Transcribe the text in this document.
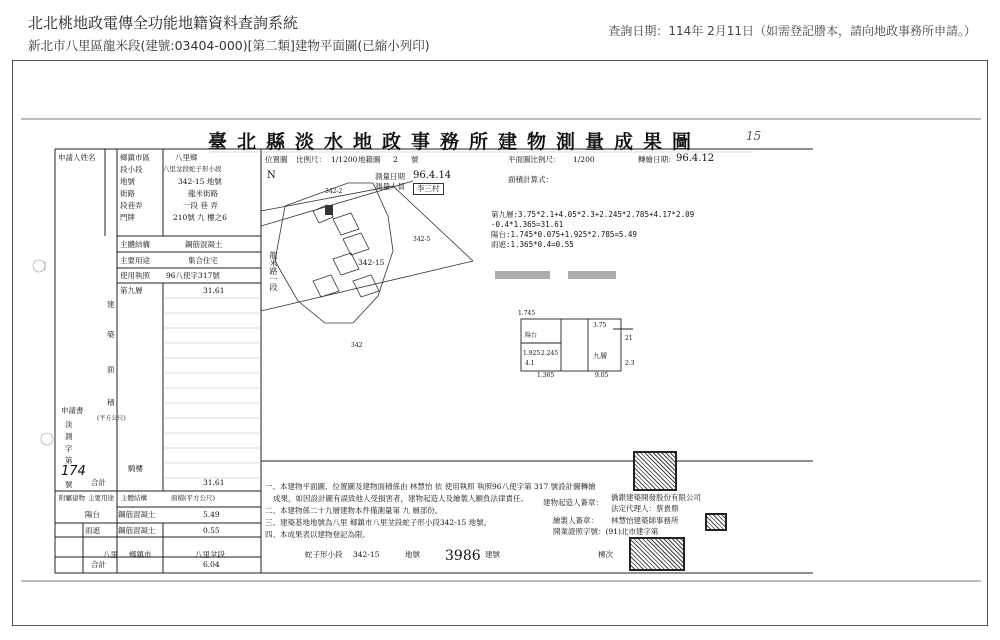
北北桃地政電傳全功能地籍資料查詢系統
新北市八里區龍米段(建號:03404-000)[第二類]建物平面圖(已縮小列印)
查詢日期：114年 2月11日（如需登記謄本，請向地政事務所申請。）
臺北縣淡水地政事務所建物測量成果圖	15
申請人姓名	鄉鎮市區	八里鄉
段小段	八里坌段蛇子形小段
地號	342-15 地號
街路	龍米街路
段巷弄	一段 巷 弄
門牌	210號 九 樓之6
主體結構	鋼筋混凝土
主要用途	集合住宅
使用執照 96八使字317號
第九層	31.61
建
築
面
積
(平方公尺)
申請書
淡
測
字
第
號
174	騎樓
合計	31.61
附屬建物 主要用途 主體結構	面積(平方公尺)
陽台 鋼筋混凝土	5.49
雨遮 鋼筋混凝土	0.55
合計	6.04
位置圖 比例尺： 1/1200 地籍圖 2 號
測量日期 96.4.14
測量人員	李三村
N
龍米路一段	342-15
342-2
342-5
342
平面圖比例尺： 1/200	轉繪日期： 96.4.12
面積計算式：
第九層:3.75*2.1+4.05*2.3+2.245*2.785+4.17*2.09
-0.4*1.365=31.61
陽台:1.745*0.075+1.925*2.785=5.49
雨遮:1.365*0.4=0.55
1.745
3.75
陽台
1.925 2.245
4.1
1.365	9.05
九層
21
2.3
一、本建物平面圖、位置圖及建物面積係由 林慧怡 依 使用執照 執照96八使字第 317 號設計圖轉繪
成果，如因設計圖有誤致他人受損害者，建物起造人及繪製人願負法律責任。
二、本建物係二十九層建物本件僅測量第 九 層部份。
三、建築基地地號為八里 鄉鎮市八里坌段蛇子形小段342-15 地號。
四、本成果表以建物登記為限。
建物起造人簽章：
僑銀建築開發股份有限公司
法定代理人：蔡貴鼎
繪製人簽章： 林慧怡建築師事務所
開業證照字號：(91)北市建字第
八里 鄉鎮市	八里坌段	蛇子形小段 342-15	地號 3986 建號	棟次
